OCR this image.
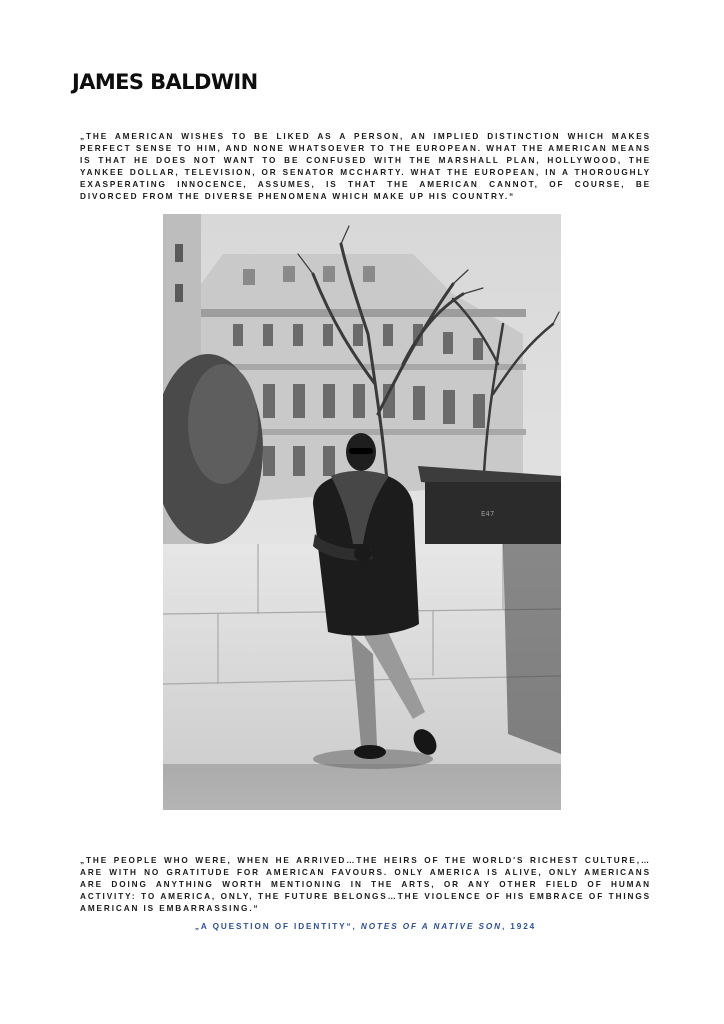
JAMES BALDWIN

„THE AMERICAN WISHES TO BE LIKED AS A PERSON, AN IMPLIED DISTINCTION WHICH MAKES PERFECT SENSE TO HIM, AND NONE WHATSOEVER TO THE EUROPEAN. WHAT THE AMERICAN MEANS IS THAT HE DOES NOT WANT TO BE CONFUSED WITH THE MARSHALL PLAN, HOLLYWOOD, THE YANKEE DOLLAR, TELEVISION, OR SENATOR MCCHARTY. WHAT THE EUROPEAN, IN A THOROUGHLY EXASPERATING INNOCENCE, ASSUMES, IS THAT THE AMERICAN CANNOT, OF COURSE, BE DIVORCED FROM THE DIVERSE PHENOMENA WHICH MAKE UP HIS COUNTRY.“

E47

„THE PEOPLE WHO WERE, WHEN HE ARRIVED…THE HEIRS OF THE WORLD'S RICHEST CULTURE,…ARE WITH NO GRATITUDE FOR AMERICAN FAVOURS. ONLY AMERICA IS ALIVE, ONLY AMERICANS ARE DOING ANYTHING WORTH MENTIONING IN THE ARTS, OR ANY OTHER FIELD OF HUMAN ACTIVITY: TO AMERICA, ONLY, THE FUTURE BELONGS…THE VIOLENCE OF HIS EMBRACE OF THINGS AMERICAN IS EMBARRASSING.“

„A QUESTION OF IDENTITY“, NOTES OF A NATIVE SON, 1924
